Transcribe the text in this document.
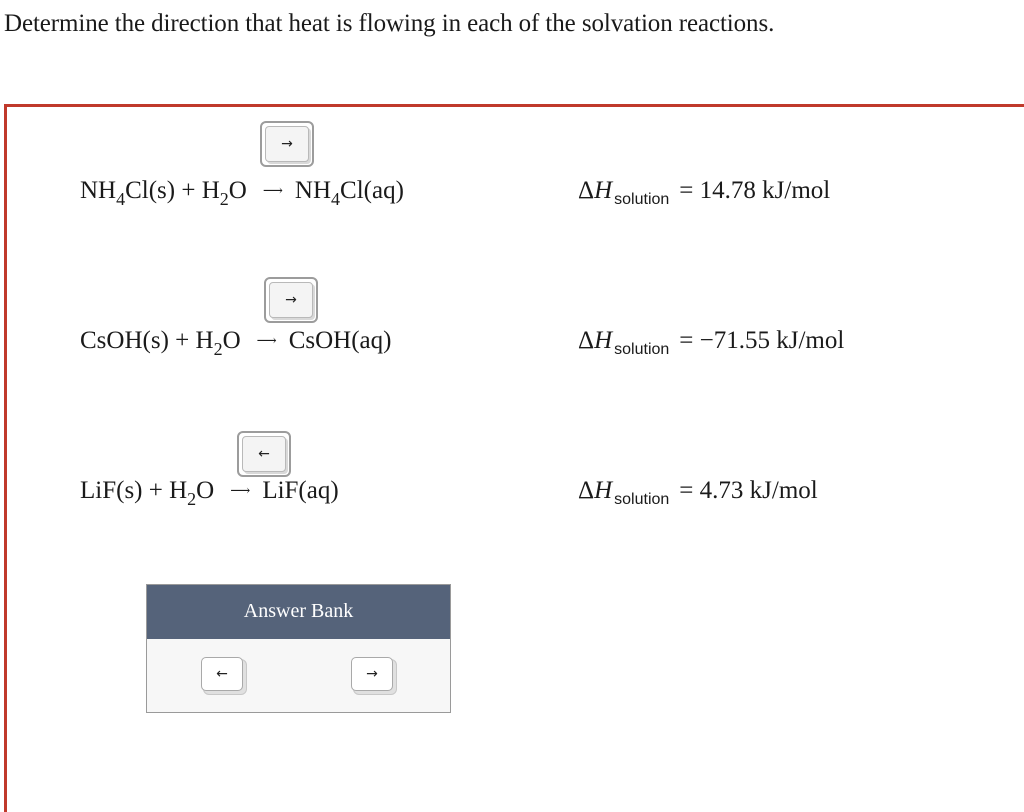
Determine the direction that heat is flowing in each of the solvation reactions.
→
$NH_4Cl(s) + H_2O$ ⟶ $NH_4Cl(aq)$	ΔH $_{solution}$ = 14.78 kJ/mol
→
CsOH(s) + $H_2O$ ⟶ CsOH(aq)	ΔH $_{solution}$ = −71.55 kJ/mol
←
$LiF(s) + H_2O$ ⟶ LiF(aq)	ΔH $_{solution}$ = 4.73 kJ/mol
Answer Bank
←	→
